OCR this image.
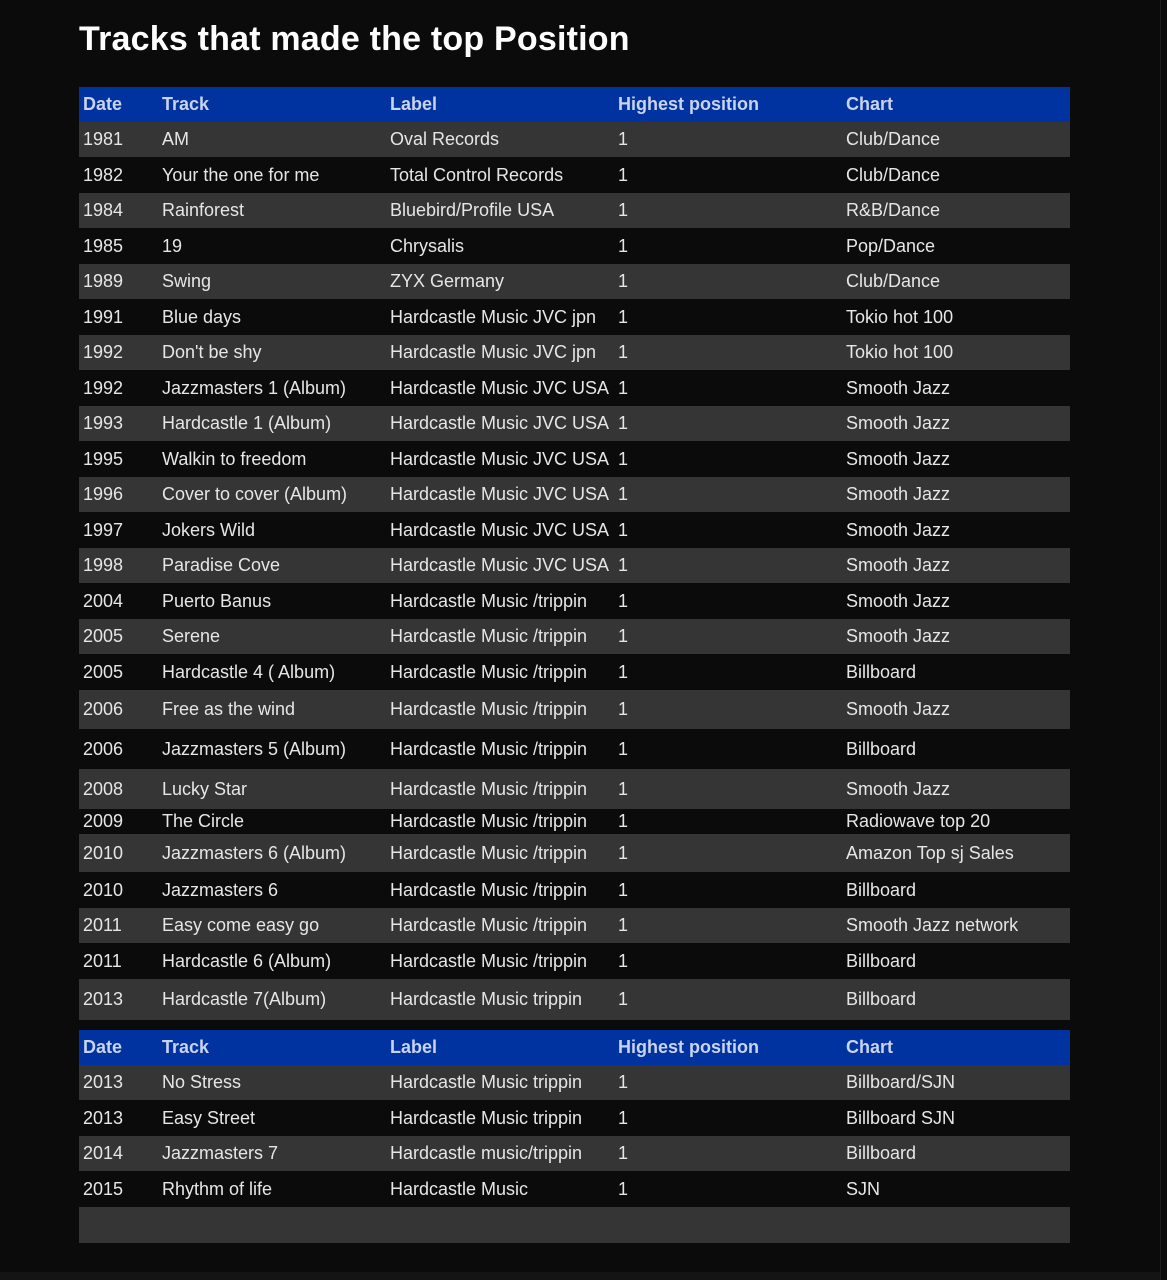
Tracks that made the top Position
Date	Track	Label	Highest position	Chart
1981	AM	Oval Records	1	Club/Dance
1982	Your the one for me	Total Control Records	1	Club/Dance
1984	Rainforest	Bluebird/Profile USA	1	R&B/Dance
1985	19	Chrysalis	1	Pop/Dance
1989	Swing	ZYX Germany	1	Club/Dance
1991	Blue days	Hardcastle Music JVC jpn	1	Tokio hot 100
1992	Don't be shy	Hardcastle Music JVC jpn	1	Tokio hot 100
1992	Jazzmasters 1 (Album)	Hardcastle Music JVC USA	1	Smooth Jazz
1993	Hardcastle 1 (Album)	Hardcastle Music JVC USA	1	Smooth Jazz
1995	Walkin to freedom	Hardcastle Music JVC USA	1	Smooth Jazz
1996	Cover to cover (Album)	Hardcastle Music JVC USA	1	Smooth Jazz
1997	Jokers Wild	Hardcastle Music JVC USA	1	Smooth Jazz
1998	Paradise Cove	Hardcastle Music JVC USA	1	Smooth Jazz
2004	Puerto Banus	Hardcastle Music /trippin	1	Smooth Jazz
2005	Serene	Hardcastle Music /trippin	1	Smooth Jazz
2005	Hardcastle 4 ( Album)	Hardcastle Music /trippin	1	Billboard
2006	Free as the wind	Hardcastle Music /trippin	1	Smooth Jazz
2006	Jazzmasters 5 (Album)	Hardcastle Music /trippin	1	Billboard
2008	Lucky Star	Hardcastle Music /trippin	1	Smooth Jazz
2009	The Circle	Hardcastle Music /trippin	1	Radiowave top 20
2010	Jazzmasters 6 (Album)	Hardcastle Music /trippin	1	Amazon Top sj Sales
2010	Jazzmasters 6	Hardcastle Music /trippin	1	Billboard
2011	Easy come easy go	Hardcastle Music /trippin	1	Smooth Jazz network
2011	Hardcastle 6 (Album)	Hardcastle Music /trippin	1	Billboard
2013	Hardcastle 7(Album)	Hardcastle Music trippin	1	Billboard
Date	Track	Label	Highest position	Chart
2013	No Stress	Hardcastle Music trippin	1	Billboard/SJN
2013	Easy Street	Hardcastle Music trippin	1	Billboard SJN
2014	Jazzmasters 7	Hardcastle music/trippin	1	Billboard
2015	Rhythm of life	Hardcastle Music	1	SJN
